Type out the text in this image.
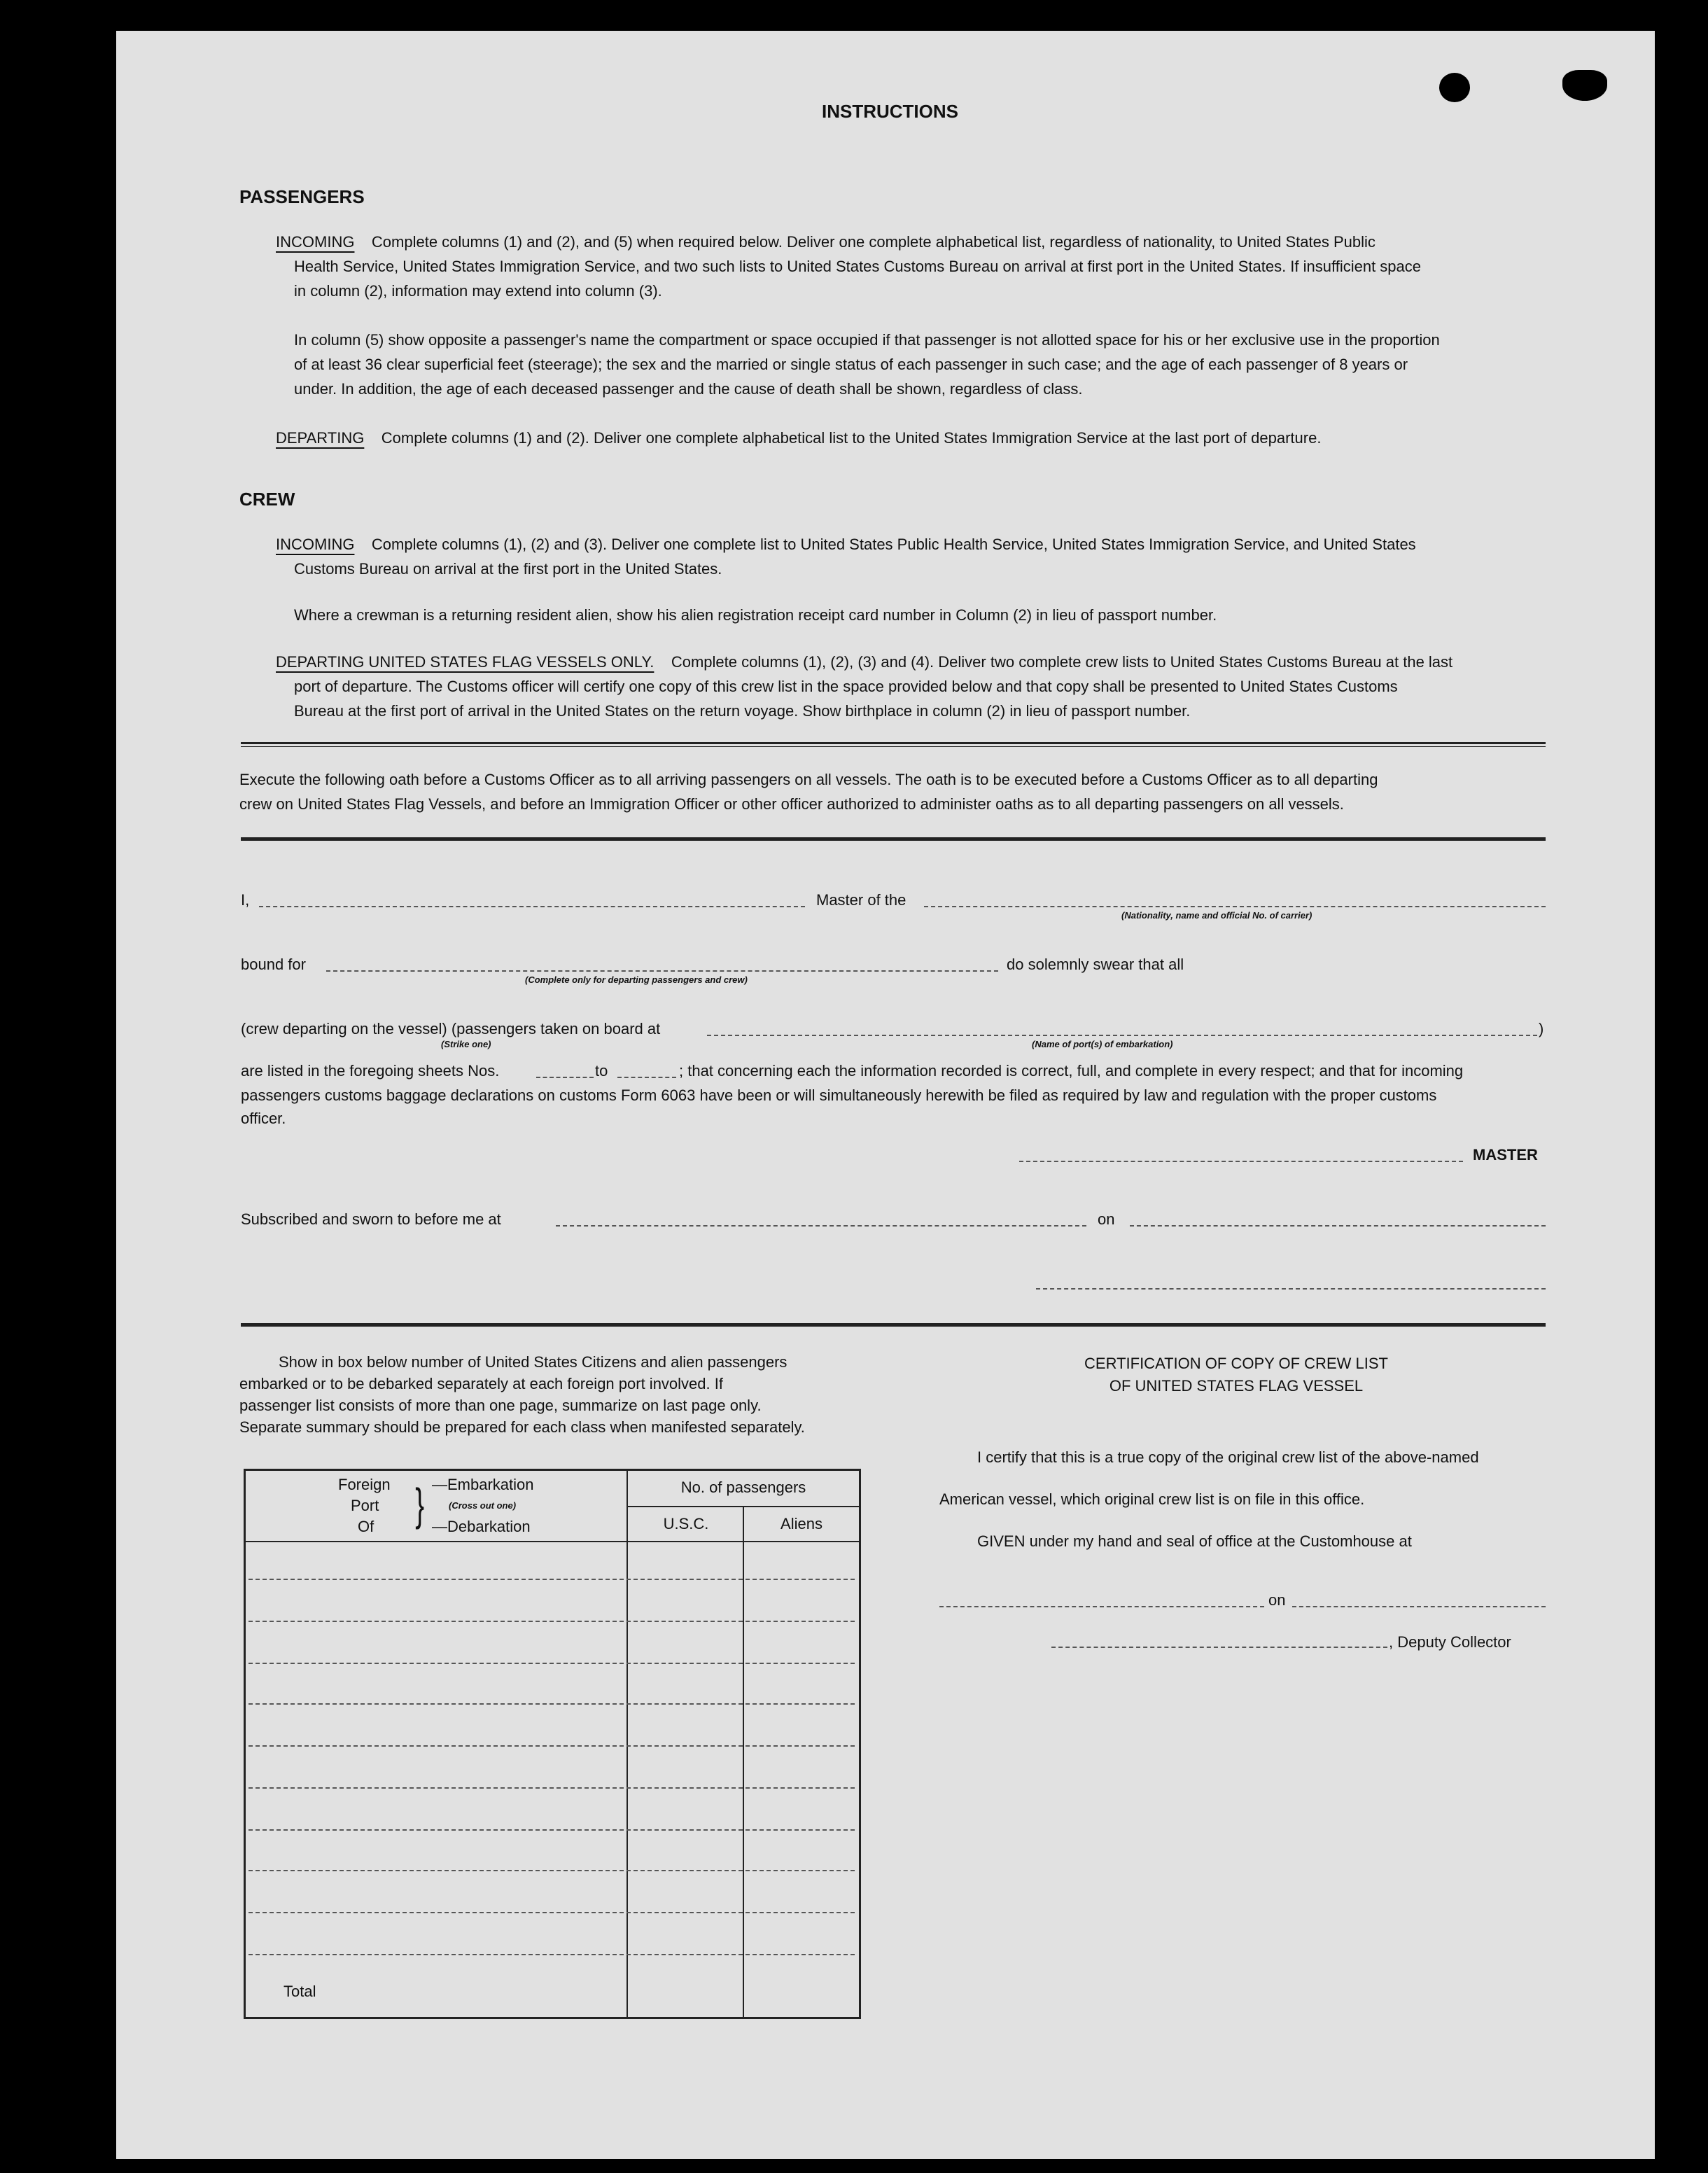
INSTRUCTIONS
PASSENGERS
INCOMING Complete columns (1) and (2), and (5) when required below. Deliver one complete alphabetical list, regardless of nationality, to United States Public
Health Service, United States Immigration Service, and two such lists to United States Customs Bureau on arrival at first port in the United States. If insufficient space
in column (2), information may extend into column (3).
In column (5) show opposite a passenger's name the compartment or space occupied if that passenger is not allotted space for his or her exclusive use in the proportion
of at least 36 clear superficial feet (steerage); the sex and the married or single status of each passenger in such case; and the age of each passenger of 8 years or
under. In addition, the age of each deceased passenger and the cause of death shall be shown, regardless of class.
DEPARTING Complete columns (1) and (2). Deliver one complete alphabetical list to the United States Immigration Service at the last port of departure.
CREW
INCOMING Complete columns (1), (2) and (3). Deliver one complete list to United States Public Health Service, United States Immigration Service, and United States
Customs Bureau on arrival at the first port in the United States.
Where a crewman is a returning resident alien, show his alien registration receipt card number in Column (2) in lieu of passport number.
DEPARTING UNITED STATES FLAG VESSELS ONLY. Complete columns (1), (2), (3) and (4). Deliver two complete crew lists to United States Customs Bureau at the last
port of departure. The Customs officer will certify one copy of this crew list in the space provided below and that copy shall be presented to United States Customs
Bureau at the first port of arrival in the United States on the return voyage. Show birthplace in column (2) in lieu of passport number.
Execute the following oath before a Customs Officer as to all arriving passengers on all vessels. The oath is to be executed before a Customs Officer as to all departing
crew on United States Flag Vessels, and before an Immigration Officer or other officer authorized to administer oaths as to all departing passengers on all vessels.
I,	Master of the
(Nationality, name and official No. of carrier)
bound for
(Complete only for departing passengers and crew)
do solemnly swear that all
(crew departing on the vessel) (passengers taken on board at	)
(Strike one)	(Name of port(s) of embarkation)
are listed in the foregoing sheets Nos.	to	; that concerning each the information recorded is correct, full, and complete in every respect; and that for incoming
passengers customs baggage declarations on customs Form 6063 have been or will simultaneously herewith be filed as required by law and regulation with the proper customs
officer.
MASTER
Subscribed and sworn to before me at	on
Show in box below number of United States Citizens and alien passengers
embarked or to be debarked separately at each foreign port involved. If
passenger list consists of more than one page, summarize on last page only.
Separate summary should be prepared for each class when manifested separately.
Foreign
Port
Of } —Embarkation
(Cross out one)
—Debarkation
No. of passengers
U.S.C.	Aliens
Total
CERTIFICATION OF COPY OF CREW LIST
OF UNITED STATES FLAG VESSEL
I certify that this is a true copy of the original crew list of the above-named
American vessel, which original crew list is on file in this office.
GIVEN under my hand and seal of office at the Customhouse at
on
, Deputy Collector
